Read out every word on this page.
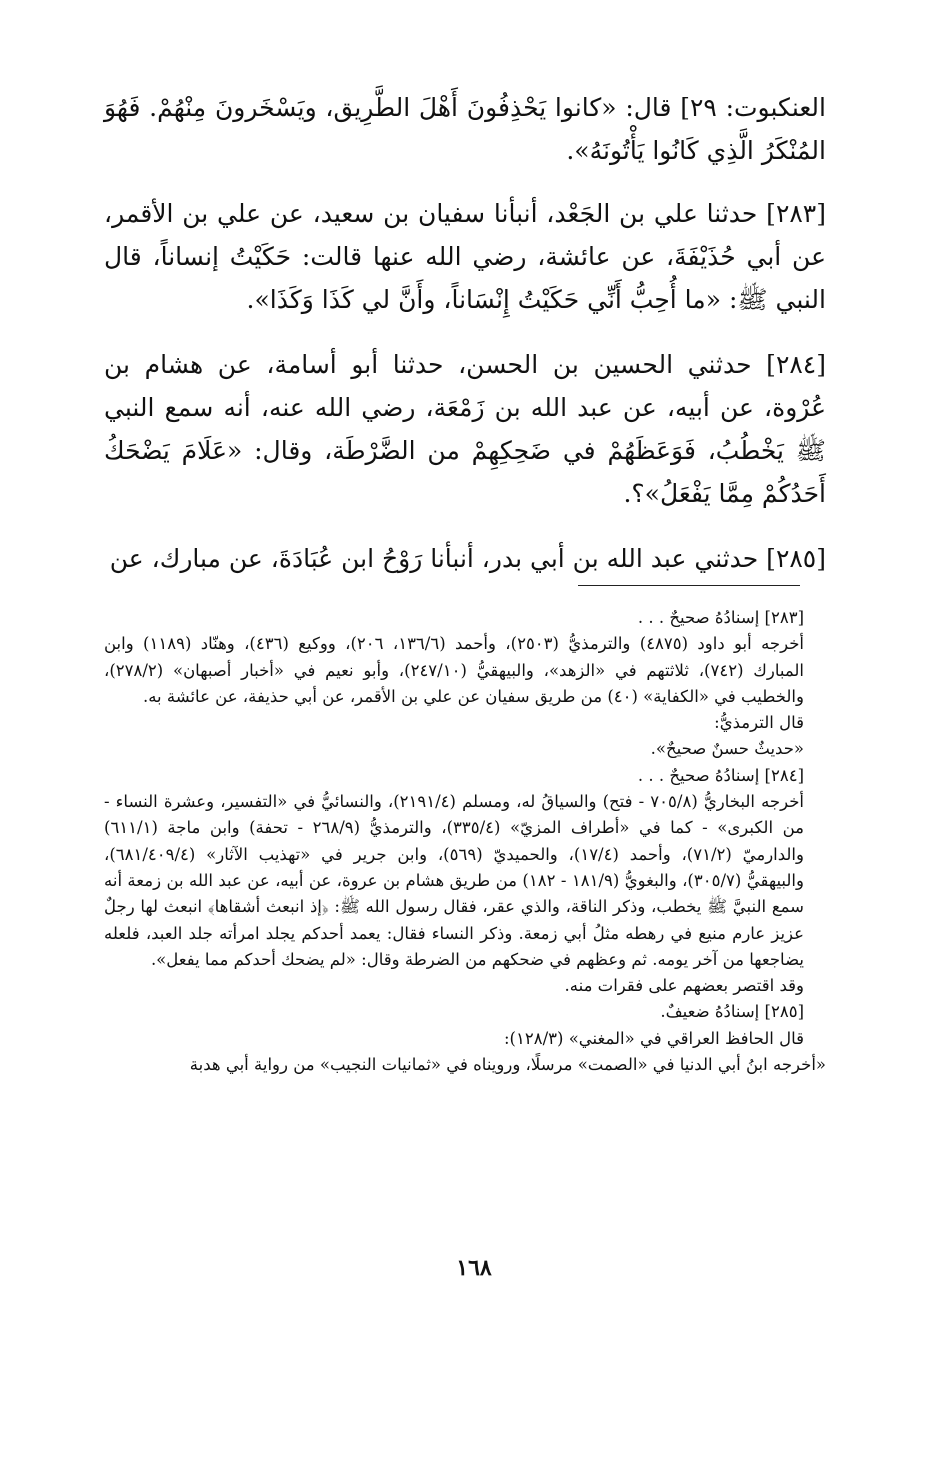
العنكبوت: ٢٩] قال: «كانوا يَحْذِفُونَ أَهْلَ الطَّرِيق، ويَسْخَرونَ مِنْهُمْ. فَهُوَ المُنْكَرُ الَّذِي كَانُوا يَأْتُونَهُ».

[٢٨٣] حدثنا علي بن الجَعْد، أنبأنا سفيان بن سعيد، عن علي بن الأقمر، عن أبي حُذَيْفَةَ، عن عائشة، رضي الله عنها قالت: حَكَيْتُ إنساناً، قال النبي ﷺ: «ما أُحِبُّ أَنِّي حَكَيْتُ إِنْسَاناً، وأَنَّ لي كَذَا وَكَذَا».

[٢٨٤] حدثني الحسين بن الحسن، حدثنا أبو أسامة، عن هشام بن عُرْوة، عن أبيه، عن عبد الله بن زَمْعَة، رضي الله عنه، أنه سمع النبي ﷺ يَخْطُبُ، فَوَعَظَهُمْ في ضَحِكِهِمْ من الضَّرْطَة، وقال: «عَلَامَ يَضْحَكُ أَحَدُكُمْ مِمَّا يَفْعَلُ»؟.

[٢٨٥] حدثني عبد الله بن أبي بدر، أنبأنا رَوْحُ ابن عُبَادَةَ، عن مبارك، عن

[٢٨٣] إسنادُهُ صحيحٌ . . .

أخرجه أبو داود (٤٨٧٥) والترمذيُّ (٢٥٠٣)، وأحمد (١٣٦/٦، ٢٠٦)، ووكيع (٤٣٦)، وهنّاد (١١٨٩) وابن المبارك (٧٤٢)، ثلاثتهم في «الزهد»، والبيهقيُّ (٢٤٧/١٠)، وأبو نعيم في «أخبار أصبهان» (٢٧٨/٢)، والخطيب في «الكفاية» (٤٠) من طريق سفيان عن علي بن الأقمر، عن أبي حذيفة، عن عائشة به.

قال الترمذيُّ:

«حديثٌ حسنٌ صحيحٌ».

[٢٨٤] إسنادُهُ صحيحٌ . . .

أخرجه البخاريُّ (٧٠٥/٨ - فتح) والسياقُ له، ومسلم (٢١٩١/٤)، والنسائيُّ في «التفسير، وعشرة النساء - من الكبرى» - كما في «أطراف المزيّ» (٣٣٥/٤)، والترمذيُّ (٢٦٨/٩ - تحفة) وابن ماجة (٦١١/١) والدارميّ (٧١/٢)، وأحمد (١٧/٤)، والحميديّ (٥٦٩)، وابن جرير في «تهذيب الآثار» (٦٨١/٤٠٩/٤)، والبيهقيُّ (٣٠٥/٧)، والبغويُّ (١٨١/٩ - ١٨٢) من طريق هشام بن عروة، عن أبيه، عن عبد الله بن زمعة أنه سمع النبيَّ ﷺ يخطب، وذكر الناقة، والذي عقر، فقال رسول الله ﷺ: ﴿إذ انبعث أشقاها﴾ انبعث لها رجلٌ عزيز عارم منيع في رهطه مثلُ أبي زمعة. وذكر النساء فقال: يعمد أحدكم يجلد امرأته جلد العبد، فلعله يضاجعها من آخر يومه. ثم وعظهم في ضحكهم من الضرطة وقال: «لم يضحك أحدكم مما يفعل».

وقد اقتصر بعضهم على فقرات منه.

[٢٨٥] إسنادُهُ ضعيفٌ.

قال الحافظ العراقي في «المغني» (١٢٨/٣):

«أخرجه ابنُ أبي الدنيا في «الصمت» مرسلًا، ورويناه في «ثمانيات النجيب» من رواية أبي هدبة

١٦٨
